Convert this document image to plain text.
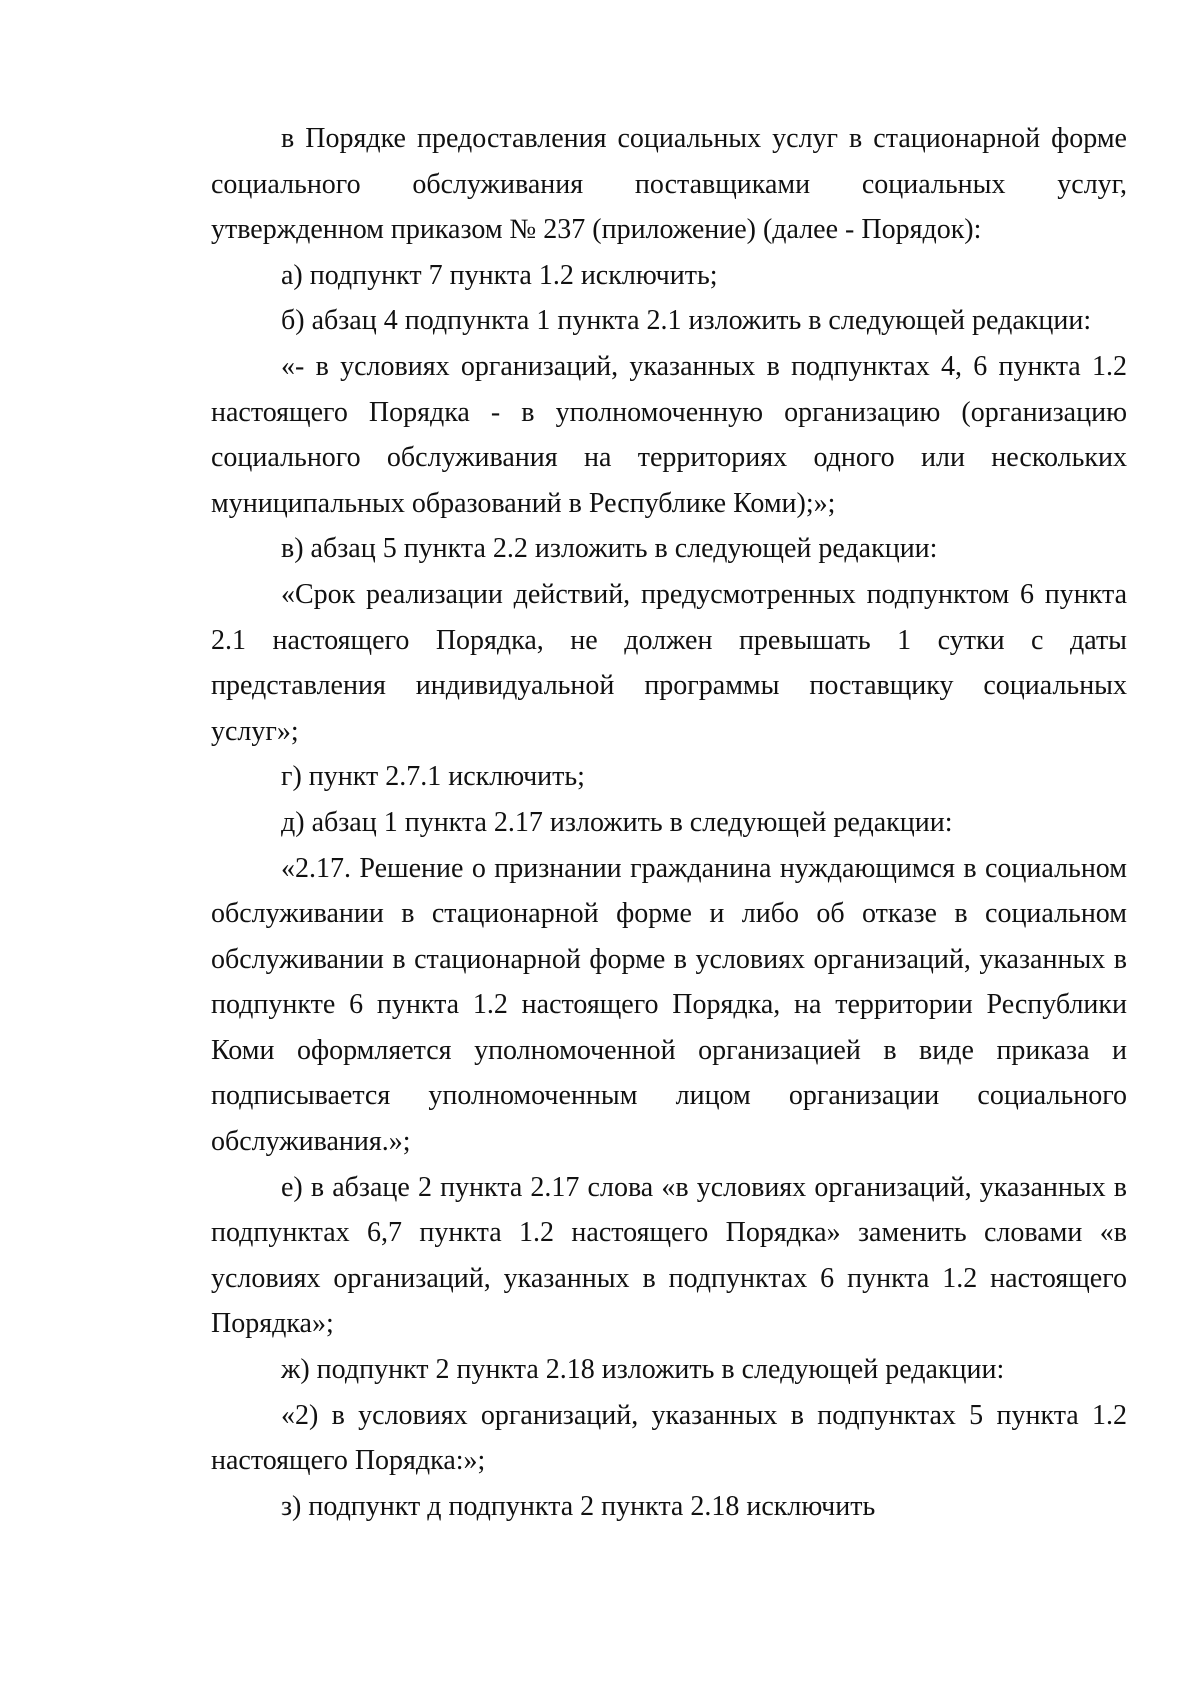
в Порядке предоставления социальных услуг в стационарной форме социального обслуживания поставщиками социальных услуг, утвержденном приказом № 237 (приложение) (далее - Порядок):

а) подпункт 7 пункта 1.2 исключить;

б) абзац 4 подпункта 1 пункта 2.1 изложить в следующей редакции:

«- в условиях организаций, указанных в подпунктах 4, 6 пункта 1.2 настоящего Порядка - в уполномоченную организацию (организацию социального обслуживания на территориях одного или нескольких муниципальных образований в Республике Коми);»;

в) абзац 5 пункта 2.2 изложить в следующей редакции:

«Срок реализации действий, предусмотренных подпунктом 6 пункта 2.1 настоящего Порядка, не должен превышать 1 сутки с даты представления индивидуальной программы поставщику социальных услуг»;

г) пункт 2.7.1 исключить;

д) абзац 1 пункта 2.17 изложить в следующей редакции:

«2.17. Решение о признании гражданина нуждающимся в социальном обслуживании в стационарной форме и либо об отказе в социальном обслуживании в стационарной форме в условиях организаций, указанных в подпункте 6 пункта 1.2 настоящего Порядка, на территории Республики Коми оформляется уполномоченной организацией в виде приказа и подписывается уполномоченным лицом организации социального обслуживания.»;

е) в абзаце 2 пункта 2.17 слова «в условиях организаций, указанных в подпунктах 6,7 пункта 1.2 настоящего Порядка» заменить словами «в условиях организаций, указанных в подпунктах 6 пункта 1.2 настоящего Порядка»;

ж) подпункт 2 пункта 2.18 изложить в следующей редакции:

«2) в условиях организаций, указанных в подпунктах 5 пункта 1.2 настоящего Порядка:»;

з) подпункт д подпункта 2 пункта 2.18 исключить
